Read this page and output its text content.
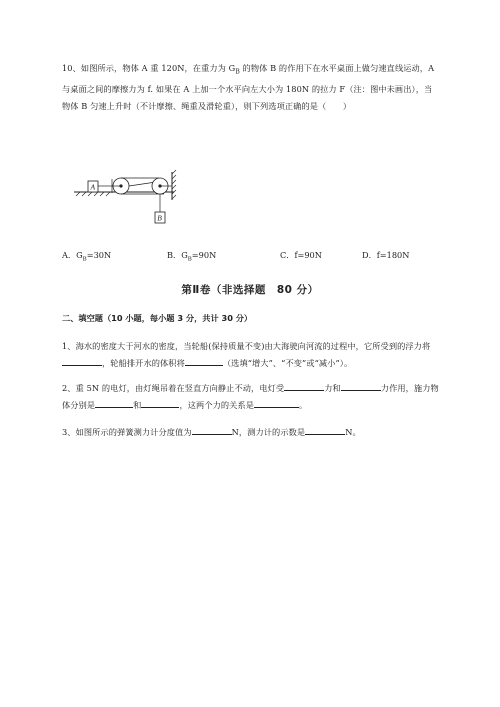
10、如图所示，物体 A 重 120N，在重力为 $G_B$ 的物体 B 的作用下在水平桌面上做匀速直线运动，A 与桌面之间的摩擦力为 f. 如果在 A 上加一个水平向左大小为 180N 的拉力 F（注：图中未画出），当物体 B 匀速上升时（不计摩擦、绳重及滑轮重），则下列选项正确的是（　　）
A
B
A．$G_B=30N$	B．$G_B=90N$	C．f=90N	D．f=180N
第Ⅱ卷（非选择题　80 分）
二、填空题（10 小题，每小题 3 分，共计 30 分）
1、海水的密度大于河水的密度，当轮船(保持质量不变)由大海驶向河流的过程中，它所受到的浮力将，轮船排开水的体积将	（选填“增大”、“不变”或“减小”）。
2、重 5N 的电灯，由灯绳吊着在竖直方向静止不动，电灯受	力和	力作用，施力物体分别是	和	，这两个力的关系是	。
3、如图所示的弹簧测力计分度值为	N，测力计的示数是	N。
